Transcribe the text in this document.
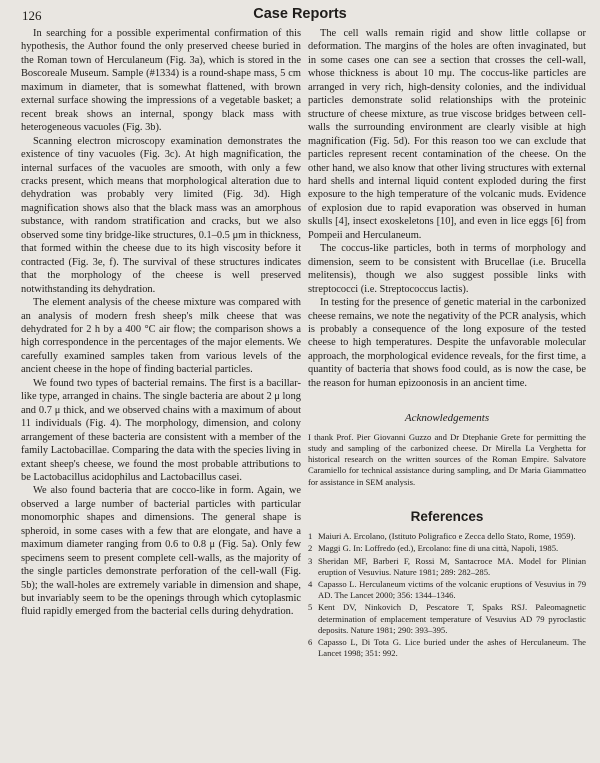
126	Case Reports

In searching for a possible experimental confirmation of this hypothesis, the Author found the only preserved cheese buried in the Roman town of Herculaneum (Fig. 3a), which is stored in the Boscoreale Museum. Sample (#1334) is a round-shape mass, 5 cm maximum in diameter, that is somewhat flattened, with brown external surface showing the impressions of a vegetable basket; a recent break shows an internal, spongy black mass with heterogeneous vacuoles (Fig. 3b).

Scanning electron microscopy examination demonstrates the existence of tiny vacuoles (Fig. 3c). At high magnification, the internal surfaces of the vacuoles are smooth, with only a few cracks present, which means that morphological alteration due to dehydration was probably very limited (Fig. 3d). High magnification shows also that the black mass was an amorphous substance, with random stratification and cracks, but we also observed some tiny bridge-like structures, 0.1–0.5 μm in thickness, that formed within the cheese due to its high viscosity before it contracted (Fig. 3e, f). The survival of these structures indicates that the morphology of the cheese is well preserved notwithstanding its dehydration.

The element analysis of the cheese mixture was compared with an analysis of modern fresh sheep's milk cheese that was dehydrated for 2 h by a 400 °C air flow; the comparison shows a high correspondence in the percentages of the major elements. We carefully examined samples taken from various levels of the ancient cheese in the hope of finding bacterial particles.

We found two types of bacterial remains. The first is a bacillar-like type, arranged in chains. The single bacteria are about 2 μ long and 0.7 μ thick, and we observed chains with a maximum of about 11 individuals (Fig. 4). The morphology, dimension, and colony arrangement of these bacteria are consistent with a member of the family Lactobacillae. Comparing the data with the species living in extant sheep's cheese, we found the most probable attributions to be Lactobacillus acidophilus and Lactobacillus casei.

We also found bacteria that are cocco-like in form. Again, we observed a large number of bacterial particles with particular monomorphic shapes and dimensions. The general shape is spheroid, in some cases with a few that are elongate, and have a maximum diameter ranging from 0.6 to 0.8 μ (Fig. 5a). Only few specimens seem to present complete cell-walls, as the majority of the single particles demonstrate perforation of the cell-wall (Fig. 5b); the wall-holes are extremely variable in dimension and shape, but invariably seem to be the openings through which cytoplasmic fluid rapidly emerged from the bacterial cells during dehydration.

The cell walls remain rigid and show little collapse or deformation. The margins of the holes are often invaginated, but in some cases one can see a section that crosses the cell-wall, whose thickness is about 10 mμ. The coccus-like particles are arranged in very rich, high-density colonies, and the individual particles demonstrate solid relationships with the proteinic structure of cheese mixture, as true viscose bridges between cell-walls the surrounding environment are clearly visible at high magnification (Fig. 5d). For this reason too we can exclude that particles represent recent contamination of the cheese. On the other hand, we also know that other living structures with external hard shells and internal liquid content exploded during the first exposure to the high temperature of the volcanic muds. Evidence of explosion due to rapid evaporation was observed in human skulls [4], insect exoskeletons [10], and even in lice eggs [6] from Pompeii and Herculaneum.

The coccus-like particles, both in terms of morphology and dimension, seem to be consistent with Brucellae (i.e. Brucella melitensis), though we also suggest possible links with streptococci (i.e. Streptococcus lactis).

In testing for the presence of genetic material in the carbonized cheese remains, we note the negativity of the PCR analysis, which is probably a consequence of the long exposure of the tested cheese to high temperatures. Despite the unfavorable molecular approach, the morphological evidence reveals, for the first time, a quantity of bacteria that shows food could, as is now the case, be the reason for human epizoonosis in an ancient time.

Acknowledgements
I thank Prof. Pier Giovanni Guzzo and Dr Dtephanie Grete for permitting the study and sampling of the carbonized cheese. Dr Mirella La Verghetta for historical research on the written sources of the Roman Empire. Salvatore Caramiello for technical assistance during sampling, and Dr Maria Giammatteo for assistance in SEM analysis.
References
1 Maiuri A. Ercolano, (Istituto Poligrafico e Zecca dello Stato, Rome, 1959).
2 Maggi G. In: Loffredo (ed.), Ercolano: fine di una città, Napoli, 1985.
3 Sheridan MF, Barberi F, Rossi M, Santacroce MA. Model for Plinian eruption of Vesuvius. Nature 1981; 289: 282–285.
4 Capasso L. Herculaneum victims of the volcanic eruptions of Vesuvius in 79 AD. The Lancet 2000; 356: 1344–1346.
5 Kent DV, Ninkovich D, Pescatore T, Spaks RSJ. Paleomagnetic determination of emplacement temperature of Vesuvius AD 79 pyroclastic deposits. Nature 1981; 290: 393–395.
6 Capasso L, Di Tota G. Lice buried under the ashes of Herculaneum. The Lancet 1998; 351: 992.
